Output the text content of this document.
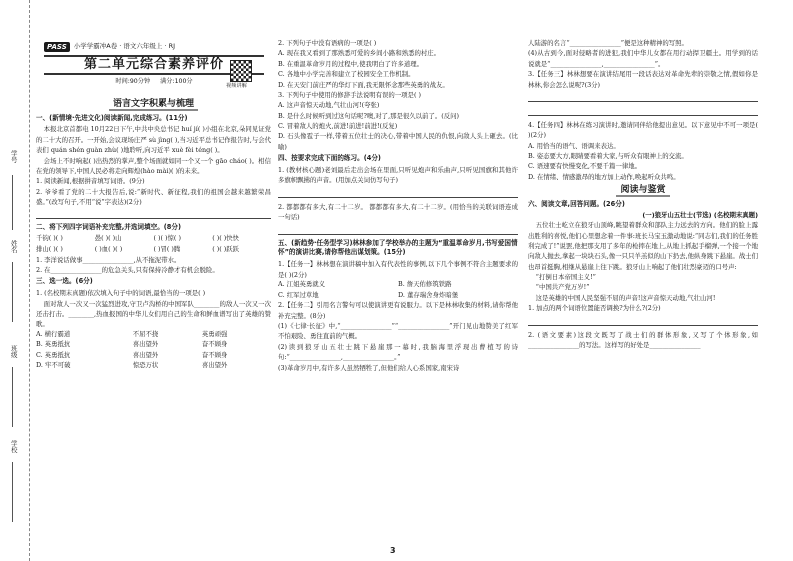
学号
姓名
班级
学校
PASS	小学学霸冲A卷 · 语文六年级上 · RJ
第二单元综合素养评价
时间:90分钟 满分:100分
视频讲解
语言文字积累与梳理
一、(新情境·先进文化)阅读新闻,完成练习。(11分)

本报北京首都电 10月22日下午,中共中央总书记 huí jí( )小组在北京,朵同见证党的二十大的召开。一开始,会议现场庄严 sù jìng( ),当习近平总书记作报告时,与会代表们 quán shén guàn zhù( )地聆听,向习近平 xuè fèi téng( )。

会场上不时响起( )出热烈的掌声,整个场面就如同一个又一个 gāo cháo( )。相信在党的领导下,中国人民必将走向辉煌(hào mài)( )的未来。

1. 阅读新闻,根据拼音填写词语。(9分)

2. 爷爷看了党的二十大报告后,说:“新时代、新征程,我们的祖国会越来越繁荣昌盛。”(改写句子,不用“说”字表达)(2分)

二、将下列四字词语补充完整,并选词填空。(8分)
千钧( )( )	愚( )( )山	( )( )惊( )	( )( )快快
排山( )( )	( )血( )( )	( )冒( )腾	( )( )跃跃

1. 李洋说话做事________________,从不拖泥带水。

2. 在________________的危急关头,只有保持冷静才有机会脱险。

三、选一选。(6分)

1. (名校期末真题)依次填入句子中的词语,最恰当的一项是( )

面对敌人一次又一次猛烈进攻,守卫卢沟桥的中国军队________的敌人一次又一次还击打击。________,热血报国的中华儿女们用自己的生命和鲜血谱写出了英雄的赞歌。

A. 横行霸道	不屈不挠	英勇顽强
B. 英勇抵抗	喜出望外	奋不顾身
C. 英勇抵抗	喜出望外	奋不顾身
D. 牢不可破	惊恐万状	喜出望外

2. 下列句子中没有语病的一项是( )

A. 现在我又看到了那熟悉可爱的乡间小路和熟悉的村庄。

B. 在重温革命岁月的过程中,使我明白了许多道理。

C. 各地中小学完善和建立了校园安全工作机制。

D. 在天安门前庄严的华灯下面,我无限怀念那些英勇的战友。

3. 下列句子中使用的修辞手法说明有误的一项是( )

A. 这声音惊天动地,气壮山河!(夸张)

B. 是什么时候听到过这句话呢?噢,对了,那是很久以前了。(反问)

C. 冒着敌人的炮火,前进!前进!前进!(反复)

D. 石头像雹子一样,带着五位壮士的决心,带着中国人民的仇恨,向敌人头上砸去。(比喻)

四、按要求完成下面的练习。(4分)

1. (教材核心题)老刘最后走出会场在里面,只听见炮声和乐曲声,只听见国旗和其他许多旗帜飘拂的声音。(用加点关词仿写句子)

2. 都都都有多大,有二十二岁。 都都都有多大,有二十二岁。(用恰当的关联词语连成一句话)

五、(新趋势·任务型学习)林林参加了学校举办的主题为“重温革命岁月,书写爱国情怀”的演讲比赛,请你帮他出谋划策。(15分)

1.【任务一】林林想在演讲稿中加入有代表性的事例,以下几个事例不符合主题要求的是( )(2分)

A. 江姐英勇就义	B. 詹天佑修筑铁路
C. 红军过草地	D. 董存瑞舍身炸暗堡

2.【任务二】引用名言警句可以使演讲更有说服力。以下是林林收集的材料,请你帮他补充完整。(8分)

(1)《七律·长征》中,“________________”“________________”开门见山地赞美了红军不怕艰险、勇往直前的气概。

(2)读到狼牙山五壮士跳下悬崖那一幕时,我脑海里浮现出曹植写的诗句:“________________,________________。”

(3)革命岁月中,有许多人虽然牺牲了,但他们给人心系国家,南宋诗

人陆游的名言“________________”便是这种精神的写照。

(4)从古到今,面对侵略者的进犯,我们中华儿女都在用行动捍卫疆土。用学到的话说就是“________________,________________”。

3.【任务三】林林想要在演讲结尾用一段话表达对革命先辈的崇敬之情,假如你是林林,你会怎么说呢?(3分)

4.【任务四】林林在练习演讲时,邀请同伴给他提出意见。以下意见中不可一项是( )(2分)

A. 用恰当的语气、语调来表达。

B. 姿态要大方,眼睛要看着大家,与听众有眼神上的交流。

C. 语速要有快慢变化,不要千篇一律地。

D. 在情绪、情感激昂的地方加上动作,唤起听众共鸣。

阅读与鉴赏
六、阅读文章,回答问题。(26分)
(一)狼牙山五壮士(节选) (名校期末真题)

五位壮士屹立在狼牙山顶峰,眺望着群众和部队主力远去的方向。他们的脸上露出胜利的喜悦,他们心里想念着一件事:班长马宝玉激动地说:“同志们,我们的任务胜利完成了!”说罢,他把那支用了多年的枪摔在地上,从地上抓起手榴弹,一个接一个地向敌人抛去,拿起一块块石头,像一只只羊羔似的山下扔去,他纵身跳下悬崖。战士们也昂首挺胸,相继从悬崖上往下跳。狼牙山上响起了他们壮烈豪迈的口号声:

“打倒日本帝国主义!”

“中国共产党万岁!”

这是英雄的中国人民坚强不屈的声音!这声音惊天动地,气壮山河!

1. 加点的两个词语位置能否调换?为什么?(2分)

2. (语文要素)这段文既写了战士们的群体形象,又写了个体形象,如________________的写法。这样写的好处是________________

3
